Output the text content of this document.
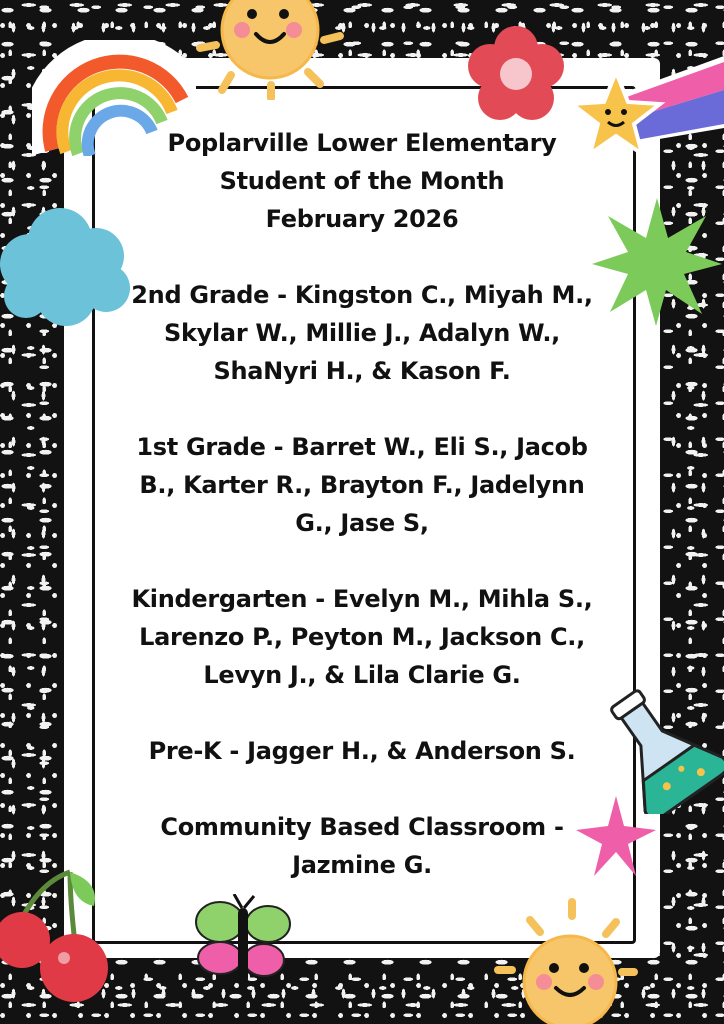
Poplarville Lower Elementary

Student of the Month

February 2026

2nd Grade - Kingston C., Miyah M.,

Skylar W., Millie J., Adalyn W.,

ShaNyri H., & Kason F.

1st Grade - Barret W., Eli S., Jacob

B., Karter R., Brayton F., Jadelynn

G., Jase S,

Kindergarten - Evelyn M., Mihla S.,

Larenzo P., Peyton M., Jackson C.,

Levyn J., & Lila Clarie G.

Pre-K - Jagger H., & Anderson S.

Community Based Classroom -

Jazmine G.
